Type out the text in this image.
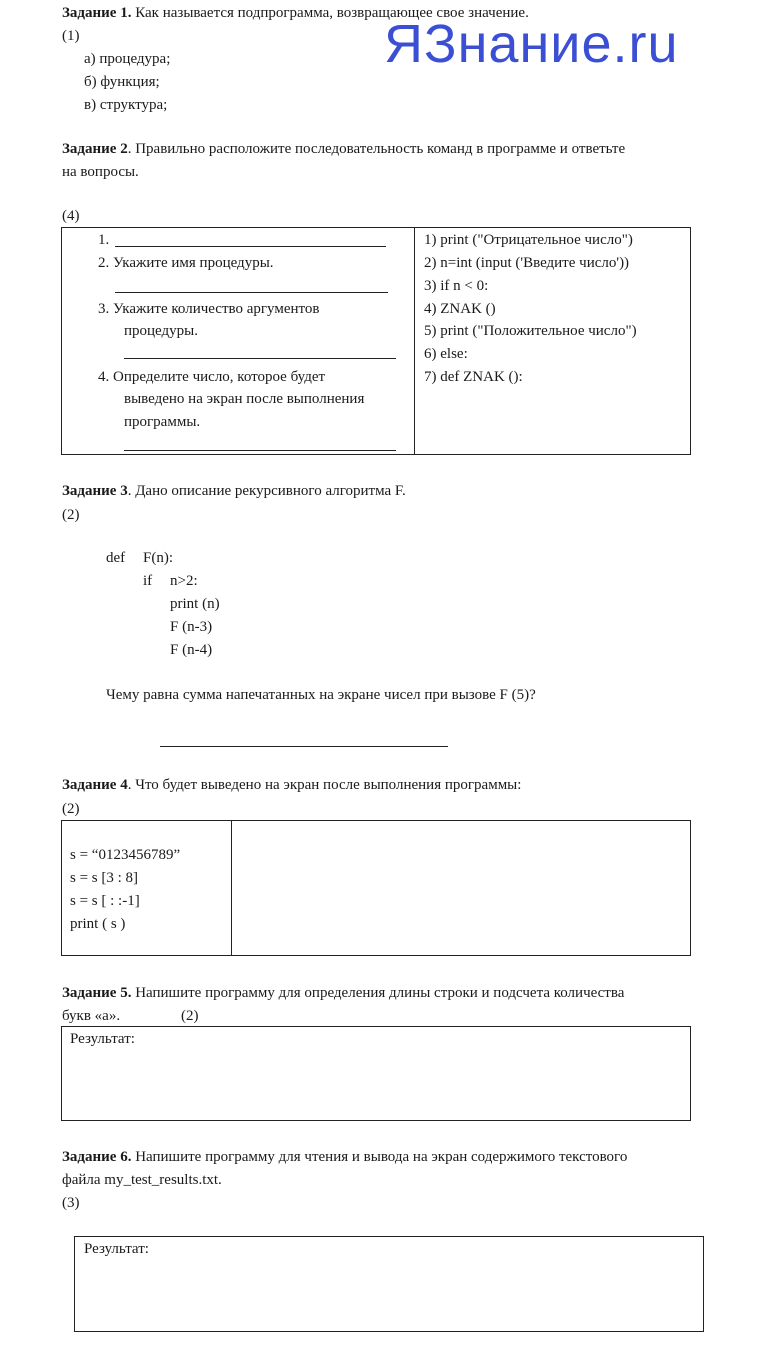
ЯЗнание.ru
Задание 1. Как называется подпрограмма, возвращающее свое значение.
(1)
а) процедура;
б) функция;
в) структура;
Задание 2. Правильно расположите последовательность команд в программе и ответьте
на вопросы.
(4)
1.
2. Укажите имя процедуры.
3. Укажите количество аргументов
процедуры.
4. Определите число, которое будет
выведено на экран после выполнения
программы.
1) print ("Отрицательное число")
2) n=int (input ('Введите число'))
3) if n < 0:
4) ZNAK ()
5) print ("Положительное число")
6) else:
7) def ZNAK ():
Задание 3. Дано описание рекурсивного алгоритма F.
(2)
def F(n):
if n>2:
print (n)
F (n-3)
F (n-4)
Чему равна сумма напечатанных на экране чисел при вызове F (5)?
Задание 4. Что будет выведено на экран после выполнения программы:
(2)
s = “0123456789”
s = s [3 : 8]
s = s [ : :-1]
print ( s )
Задание 5. Напишите программу для определения длины строки и подсчета количества
букв «а».	(2)
Результат:
Задание 6. Напишите программу для чтения и вывода на экран содержимого текстового
файла my_test_results.txt.
(3)
Результат:
